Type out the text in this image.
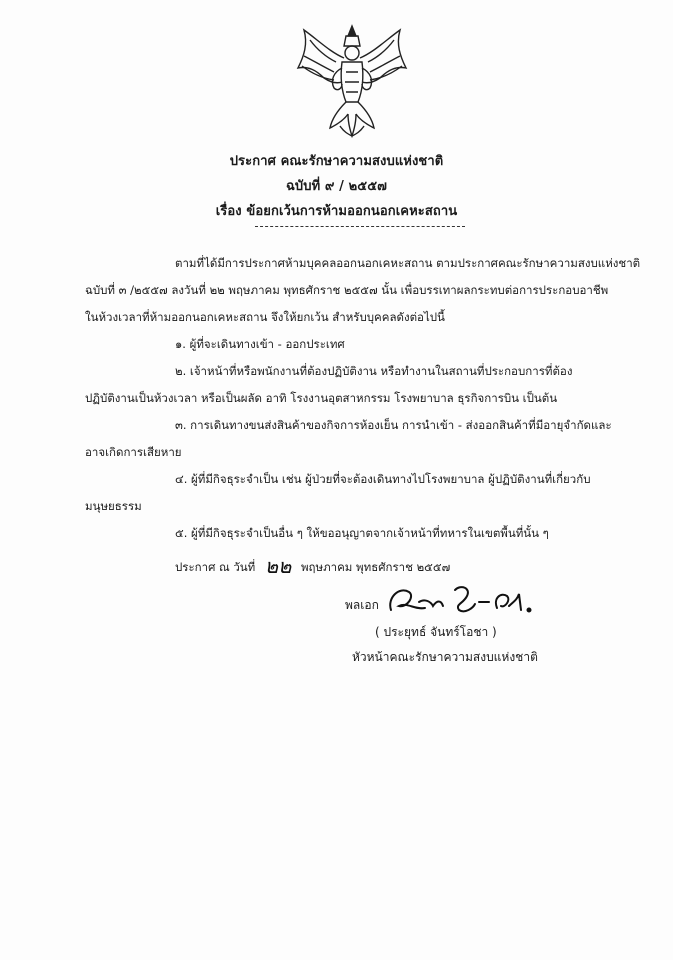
ประกาศ คณะรักษาความสงบแห่งชาติ
ฉบับที่ ๙ / ๒๕๕๗
เรื่อง ข้อยกเว้นการห้ามออกนอกเคหะสถาน
ตามที่ได้มีการประกาศห้ามบุคคลออกนอกเคหะสถาน ตามประกาศคณะรักษาความสงบแห่งชาติ
ฉบับที่ ๓ /๒๕๕๗ ลงวันที่ ๒๒ พฤษภาคม พุทธศักราช ๒๕๕๗ นั้น เพื่อบรรเทาผลกระทบต่อการประกอบอาชีพ
ในห้วงเวลาที่ห้ามออกนอกเคหะสถาน จึงให้ยกเว้น สำหรับบุคคลดังต่อไปนี้
๑. ผู้ที่จะเดินทางเข้า - ออกประเทศ
๒. เจ้าหน้าที่หรือพนักงานที่ต้องปฏิบัติงาน หรือทำงานในสถานที่ประกอบการที่ต้อง
ปฏิบัติงานเป็นห้วงเวลา หรือเป็นผลัด อาทิ โรงงานอุตสาหกรรม โรงพยาบาล ธุรกิจการบิน เป็นต้น
๓. การเดินทางขนส่งสินค้าของกิจการห้องเย็น การนำเข้า - ส่งออกสินค้าที่มีอายุจำกัดและ
อาจเกิดการเสียหาย
๔. ผู้ที่มีกิจธุระจำเป็น เช่น ผู้ป่วยที่จะต้องเดินทางไปโรงพยาบาล ผู้ปฏิบัติงานที่เกี่ยวกับ
มนุษยธรรม
๕. ผู้ที่มีกิจธุระจำเป็นอื่น ๆ ให้ขออนุญาตจากเจ้าหน้าที่ทหารในเขตพื้นที่นั้น ๆ
ประกาศ ณ วันที่ ๒๒ พฤษภาคม พุทธศักราช ๒๕๕๗
พลเอก
( ประยุทธ์ จันทร์โอชา )
หัวหน้าคณะรักษาความสงบแห่งชาติ
